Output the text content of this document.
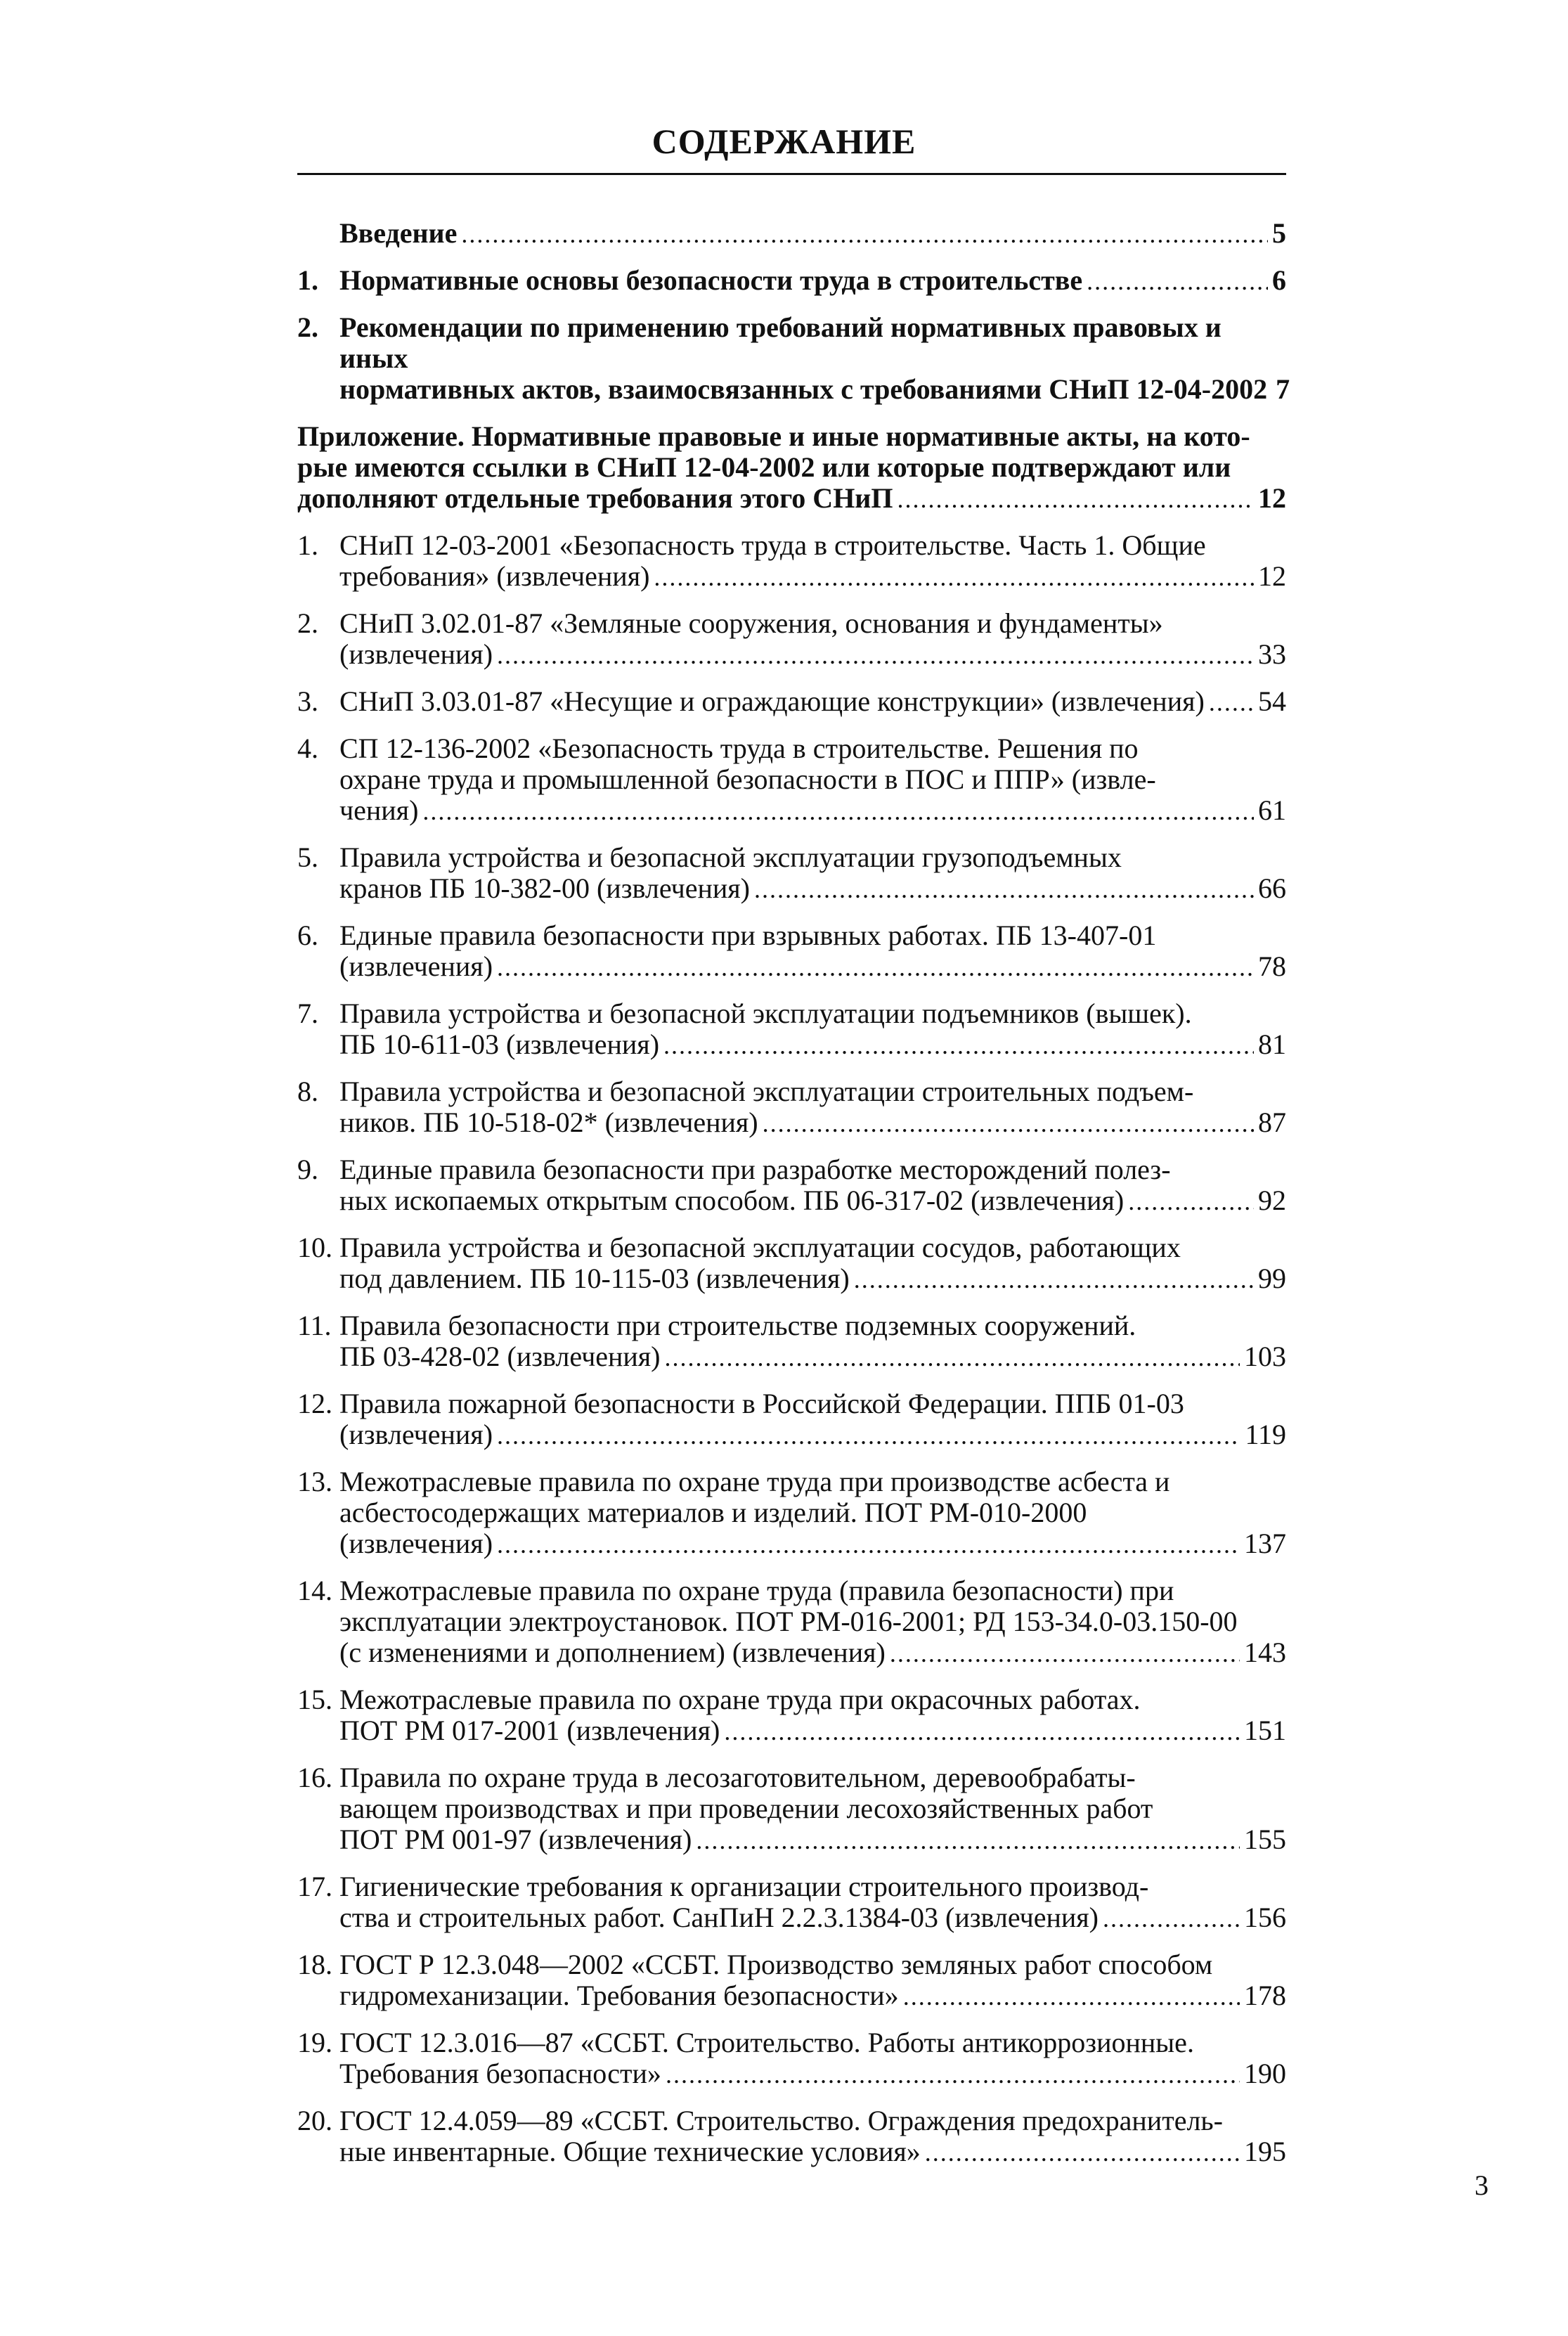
СОДЕРЖАНИЕ
Введение .....	5
1. Нормативные основы безопасности труда в строительстве .....	6
2. Рекомендации по применению требований нормативных правовых и иных
нормативных актов, взаимосвязанных с требованиями СНиП 12-04-2002 7
Приложение. Нормативные правовые и иные нормативные акты, на кото-
рые имеются ссылки в СНиП 12-04-2002 или которые подтверждают или
дополняют отдельные требования этого СНиП .....	12
1. СНиП 12-03-2001 «Безопасность труда в строительстве. Часть 1. Общие
требования» (извлечения) .....	12
2. СНиП 3.02.01-87 «Земляные сооружения, основания и фундаменты»
(извлечения) .....	33
3. СНиП 3.03.01-87 «Несущие и ограждающие конструкции» (извлечения) ..... 54
4. СП 12-136-2002 «Безопасность труда в строительстве. Решения по
охране труда и промышленной безопасности в ПОС и ППР» (извле-
чения) .....	61
5. Правила устройства и безопасной эксплуатации грузоподъемных
кранов ПБ 10-382-00 (извлечения) .....	66
6. Единые правила безопасности при взрывных работах. ПБ 13-407-01
(извлечения) .....	78
7. Правила устройства и безопасной эксплуатации подъемников (вышек).
ПБ 10-611-03 (извлечения) .....	81
8. Правила устройства и безопасной эксплуатации строительных подъем-
ников. ПБ 10-518-02* (извлечения) .....	87
9. Единые правила безопасности при разработке месторождений полез-
ных ископаемых открытым способом. ПБ 06-317-02 (извлечения) .....	92
10. Правила устройства и безопасной эксплуатации сосудов, работающих
под давлением. ПБ 10-115-03 (извлечения) .....	99
11. Правила безопасности при строительстве подземных сооружений.
ПБ 03-428-02 (извлечения) .....	103
12. Правила пожарной безопасности в Российской Федерации. ППБ 01-03
(извлечения) .....	119
13. Межотраслевые правила по охране труда при производстве асбеста и
асбестосодержащих материалов и изделий. ПОТ РМ-010-2000
(извлечения) .....	137
14. Межотраслевые правила по охране труда (правила безопасности) при
эксплуатации электроустановок. ПОТ РМ-016-2001; РД 153-34.0-03.150-00
(с изменениями и дополнением) (извлечения) .....	143
15. Межотраслевые правила по охране труда при окрасочных работах.
ПОТ РМ 017-2001 (извлечения) .....	151
16. Правила по охране труда в лесозаготовительном, деревообрабаты-
вающем производствах и при проведении лесохозяйственных работ
ПОТ РМ 001-97 (извлечения) .....	155
17. Гигиенические требования к организации строительного производ-
ства и строительных работ. СанПиН 2.2.3.1384-03 (извлечения) .....	156
18. ГОСТ Р 12.3.048—2002 «ССБТ. Производство земляных работ способом
гидромеханизации. Требования безопасности» .....	178
19. ГОСТ 12.3.016—87 «ССБТ. Строительство. Работы антикоррозионные.
Требования безопасности» .....	190
20. ГОСТ 12.4.059—89 «ССБТ. Строительство. Ограждения предохранитель-
ные инвентарные. Общие технические условия» .....	195
3
